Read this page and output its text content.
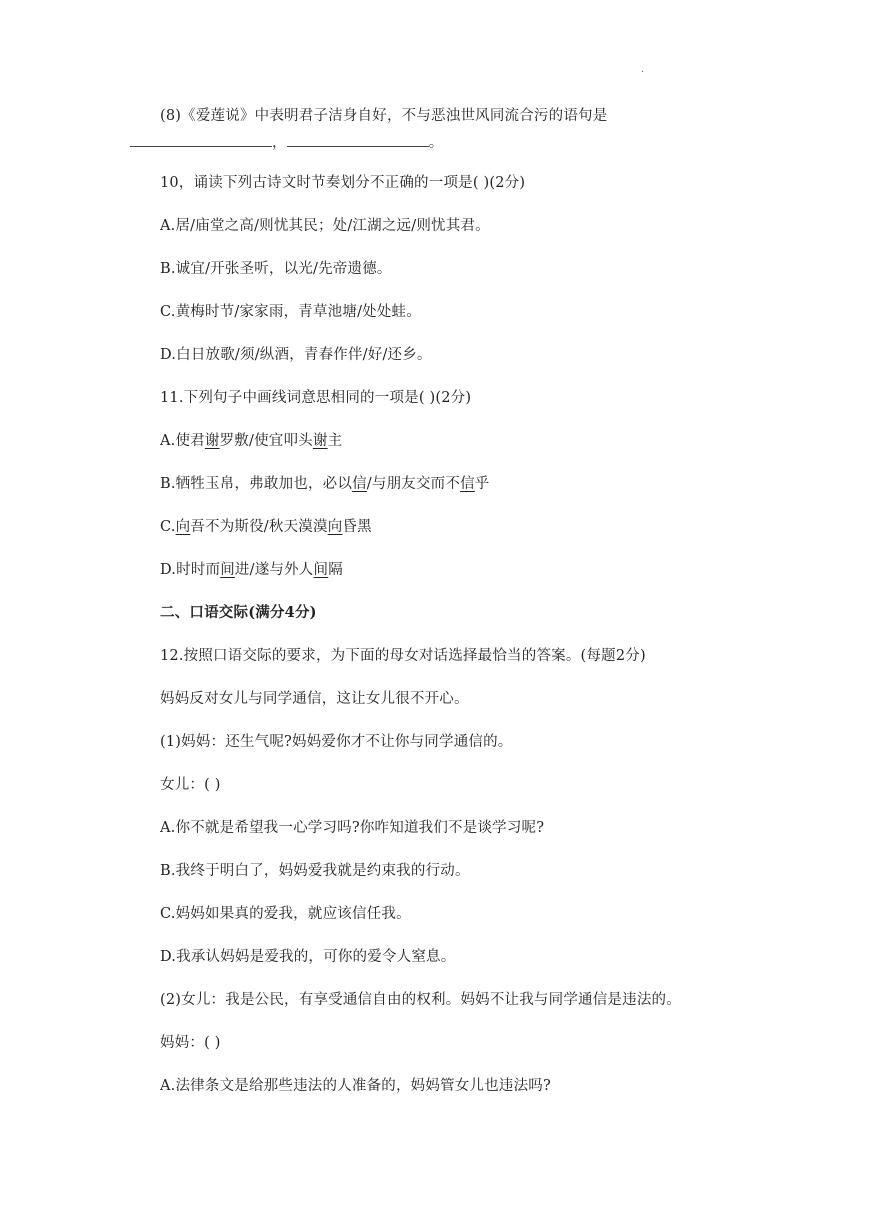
.
(8)《爱莲说》中表明君子洁身自好，不与恶浊世风同流合污的语句是
，	。
10，诵读下列古诗文时节奏划分不正确的一项是( )(2分)
A.居/庙堂之高/则忧其民；处/江湖之远/则忧其君。
B.诚宜/开张圣听，以光/先帝遗德。
C.黄梅时节/家家雨，青草池塘/处处蛙。
D.白日放歌/须/纵酒，青春作伴/好/还乡。
11.下列句子中画线词意思相同的一项是( )(2分)
A.使君谢罗敷/使宜叩头谢主
B.牺牲玉帛，弗敢加也，必以信/与朋友交而不信乎
C.向吾不为斯役/秋天漠漠向昏黑
D.时时而间进/遂与外人间隔
二、口语交际(满分4分)
12.按照口语交际的要求，为下面的母女对话选择最恰当的答案。(每题2分)
妈妈反对女儿与同学通信，这让女儿很不开心。
(1)妈妈：还生气呢?妈妈爱你才不让你与同学通信的。
女儿：( )
A.你不就是希望我一心学习吗?你咋知道我们不是谈学习呢?
B.我终于明白了，妈妈爱我就是约束我的行动。
C.妈妈如果真的爱我，就应该信任我。
D.我承认妈妈是爱我的，可你的爱令人窒息。
(2)女儿：我是公民，有享受通信自由的权利。妈妈不让我与同学通信是违法的。
妈妈：( )
A.法律条文是给那些违法的人准备的，妈妈管女儿也违法吗?
